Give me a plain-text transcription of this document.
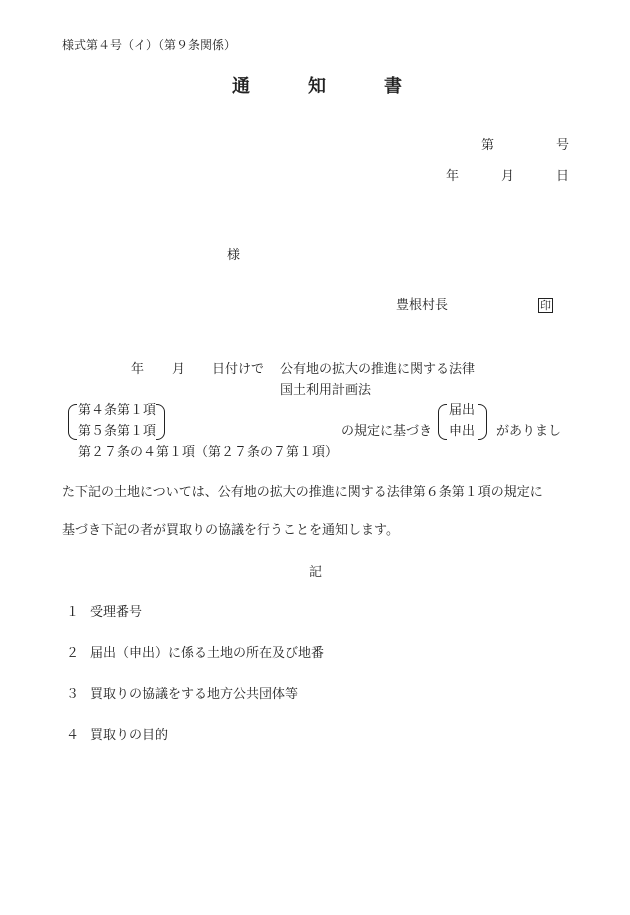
様式第４号（イ）（第９条関係）
通	知	書
第	号
年	月	日
様
豊根村長	印
年 月 日付けで 公有地の拡大の推進に関する法律
国土利用計画法
第４条第１項
第５条第１項	の規定に基づき
届出
申出 がありまし
第２７条の４第１項（第２７条の７第１項）
た下記の土地については、公有地の拡大の推進に関する法律第６条第１項の規定に
基づき下記の者が買取りの協議を行うことを通知します。
記
１ 受理番号
２ 届出（申出）に係る土地の所在及び地番
３ 買取りの協議をする地方公共団体等
４ 買取りの目的
